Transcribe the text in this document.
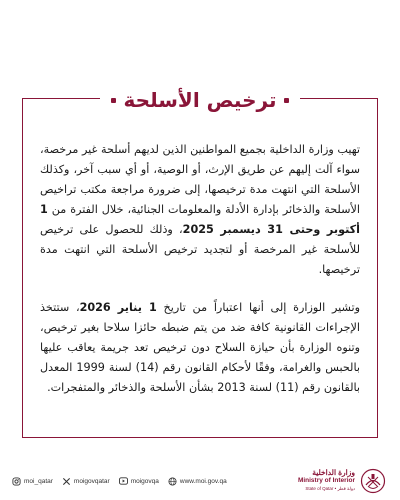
ترخيص الأسلحة
تهيب وزارة الداخلية بجميع المواطنين الذين لديهم أسلحة غير مرخصة، سواء آلت إليهم عن طريق الإرث، أو الوصية، أو أي سبب آخر، وكذلك الأسلحة التي انتهت مدة ترخيصها، إلى ضرورة مراجعة مكتب تراخيص الأسلحة والذخائر بإدارة الأدلة والمعلومات الجنائية، خلال الفترة من 1 أكتوبر وحتى 31 ديسمبر 2025، وذلك للحصول على ترخيص للأسلحة غير المرخصة أو لتجديد ترخيص الأسلحة التي انتهت مدة ترخيصها.
وتشير الوزارة إلى أنها اعتباراً من تاريخ 1 يناير 2026، ستتخذ الإجراءات القانونية كافة ضد من يتم ضبطه حائزا سلاحا بغير ترخيص، وتنوه الوزارة بأن حيازة السلاح دون ترخيص تعد جريمة يعاقب عليها بالحبس والغرامة، وفقًا لأحكام القانون رقم (14) لسنة 1999 المعدل بالقانون رقم (11) لسنة 2013 بشأن الأسلحة والذخائر والمتفجرات.
moi_qatar	moigovqatar	moigovqa	www.moi.gov.qa
وزارة الداخلية
Ministry of Interior
State of Qatar • دولة قطر
